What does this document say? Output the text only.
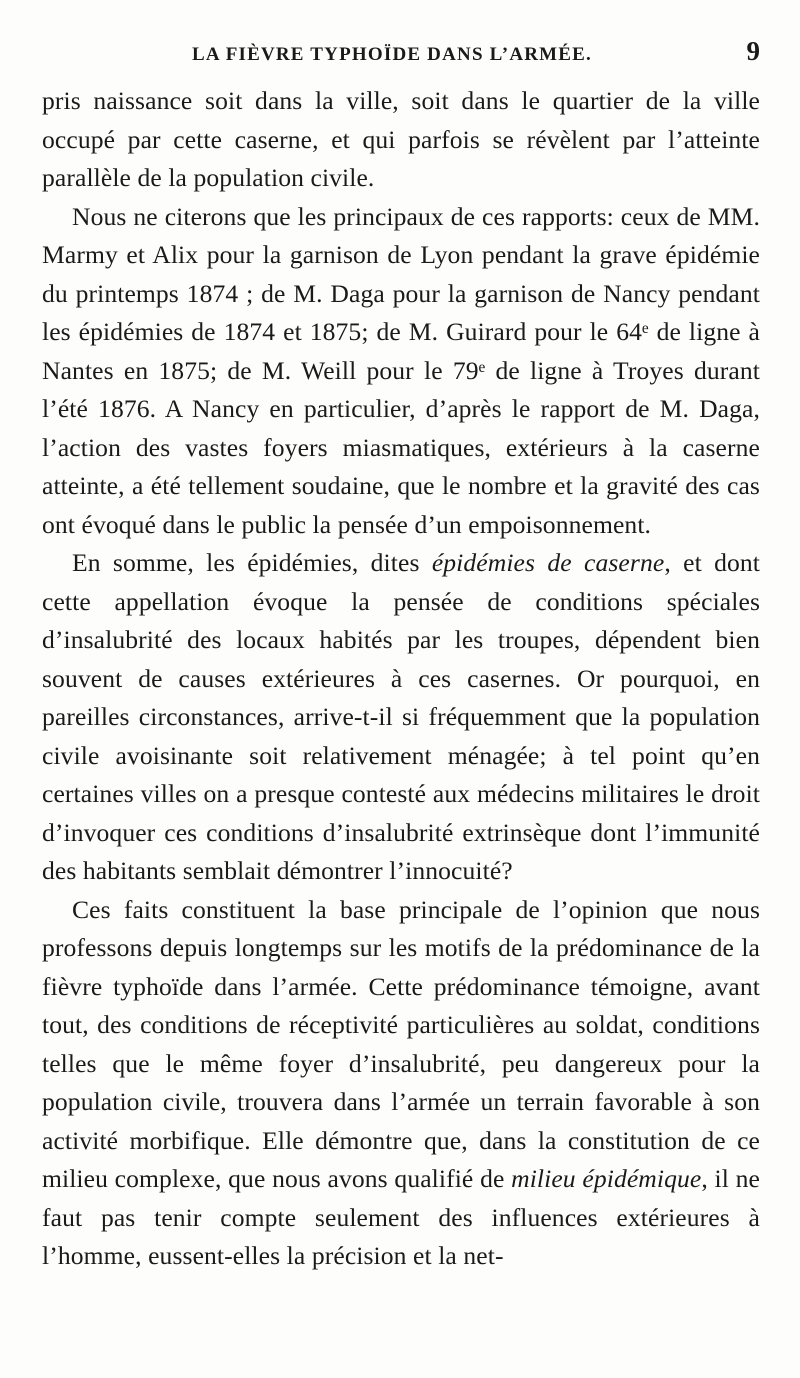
LA FIÈVRE TYPHOÏDE DANS L’ARMÉE.	9

pris naissance soit dans la ville, soit dans le quartier de la ville occupé par cette caserne, et qui parfois se révèlent par l’atteinte parallèle de la population civile.

Nous ne citerons que les principaux de ces rapports: ceux de MM. Marmy et Alix pour la garnison de Lyon pendant la grave épidémie du printemps 1874 ; de M. Daga pour la garnison de Nancy pendant les épidémies de 1874 et 1875; de M. Guirard pour le 64ᵉ de ligne à Nantes en 1875; de M. Weill pour le 79ᵉ de ligne à Troyes durant l’été 1876. A Nancy en particulier, d’après le rapport de M. Daga, l’action des vastes foyers miasmatiques, extérieurs à la caserne atteinte, a été tellement soudaine, que le nombre et la gravité des cas ont évoqué dans le public la pensée d’un empoisonnement.

En somme, les épidémies, dites épidémies de caserne, et dont cette appellation évoque la pensée de conditions spéciales d’insalubrité des locaux habités par les troupes, dépendent bien souvent de causes extérieures à ces casernes. Or pourquoi, en pareilles circonstances, arrive-t-il si fréquemment que la population civile avoisinante soit relativement ménagée; à tel point qu’en certaines villes on a presque contesté aux médecins militaires le droit d’invoquer ces conditions d’insalubrité extrinsèque dont l’immunité des habitants semblait démontrer l’innocuité?

Ces faits constituent la base principale de l’opinion que nous professons depuis longtemps sur les motifs de la prédominance de la fièvre typhoïde dans l’armée. Cette prédominance témoigne, avant tout, des conditions de réceptivité particulières au soldat, conditions telles que le même foyer d’insalubrité, peu dangereux pour la population civile, trouvera dans l’armée un terrain favorable à son activité morbifique. Elle démontre que, dans la constitution de ce milieu complexe, que nous avons qualifié de milieu épidémique, il ne faut pas tenir compte seulement des influences extérieures à l’homme, eussent-elles la précision et la net-
